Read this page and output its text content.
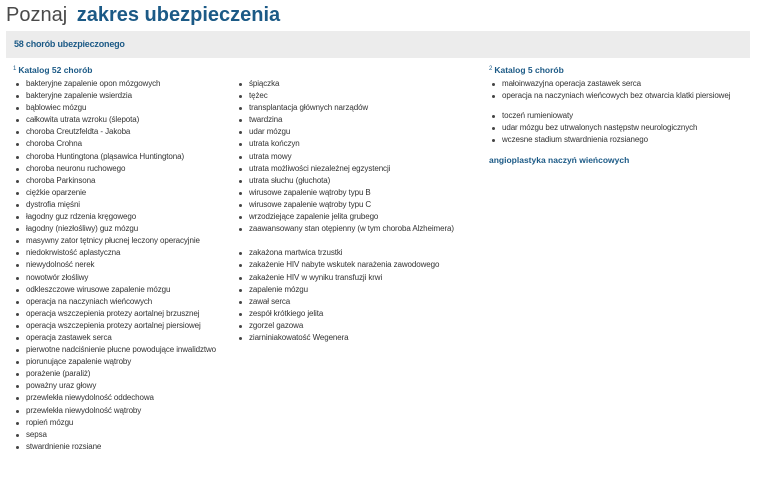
Poznaj zakres ubezpieczenia
58 chorób ubezpieczonego
$^1$ Katalog 52 chorób
bakteryjne zapalenie opon mózgowych
bakteryjne zapalenie wsierdzia
bąblowiec mózgu
całkowita utrata wzroku (ślepota)
choroba Creutzfeldta - Jakoba
choroba Crohna
choroba Huntingtona (pląsawica Huntingtona)
choroba neuronu ruchowego
choroba Parkinsona
ciężkie oparzenie
dystrofia mięśni
łagodny guz rdzenia kręgowego
łagodny (niezłośliwy) guz mózgu
masywny zator tętnicy płucnej leczony operacyjnie
niedokrwistość aplastyczna
niewydolność nerek
nowotwór złośliwy
odkleszczowe wirusowe zapalenie mózgu
operacja na naczyniach wieńcowych
operacja wszczepienia protezy aortalnej brzusznej
operacja wszczepienia protezy aortalnej piersiowej
operacja zastawek serca
pierwotne nadciśnienie płucne powodujące inwalidztwo
piorunujące zapalenie wątroby
porażenie (paraliż)
poważny uraz głowy
przewlekła niewydolność oddechowa
przewlekła niewydolność wątroby
ropień mózgu
sepsa
stwardnienie rozsiane
śpiączka
tężec
transplantacja głównych narządów
twardzina
udar mózgu
utrata kończyn
utrata mowy
utrata możliwości niezależnej egzystencji
utrata słuchu (głuchota)
wirusowe zapalenie wątroby typu B
wirusowe zapalenie wątroby typu C
wrzodziejące zapalenie jelita grubego
zaawansowany stan otępienny (w tym choroba Alzheimera)
zakażona martwica trzustki
zakażenie HIV nabyte wskutek narażenia zawodowego
zakażenie HIV w wyniku transfuzji krwi
zapalenie mózgu
zawał serca
zespół krótkiego jelita
zgorzel gazowa
ziarniniakowatość Wegenera
$^2$ Katalog 5 chorób
małoinwazyjna operacja zastawek serca
operacja na naczyniach wieńcowych bez otwarcia klatki piersiowej
toczeń rumieniowaty
udar mózgu bez utrwalonych następstw neurologicznych
wczesne stadium stwardnienia rozsianego
angioplastyka naczyń wieńcowych
